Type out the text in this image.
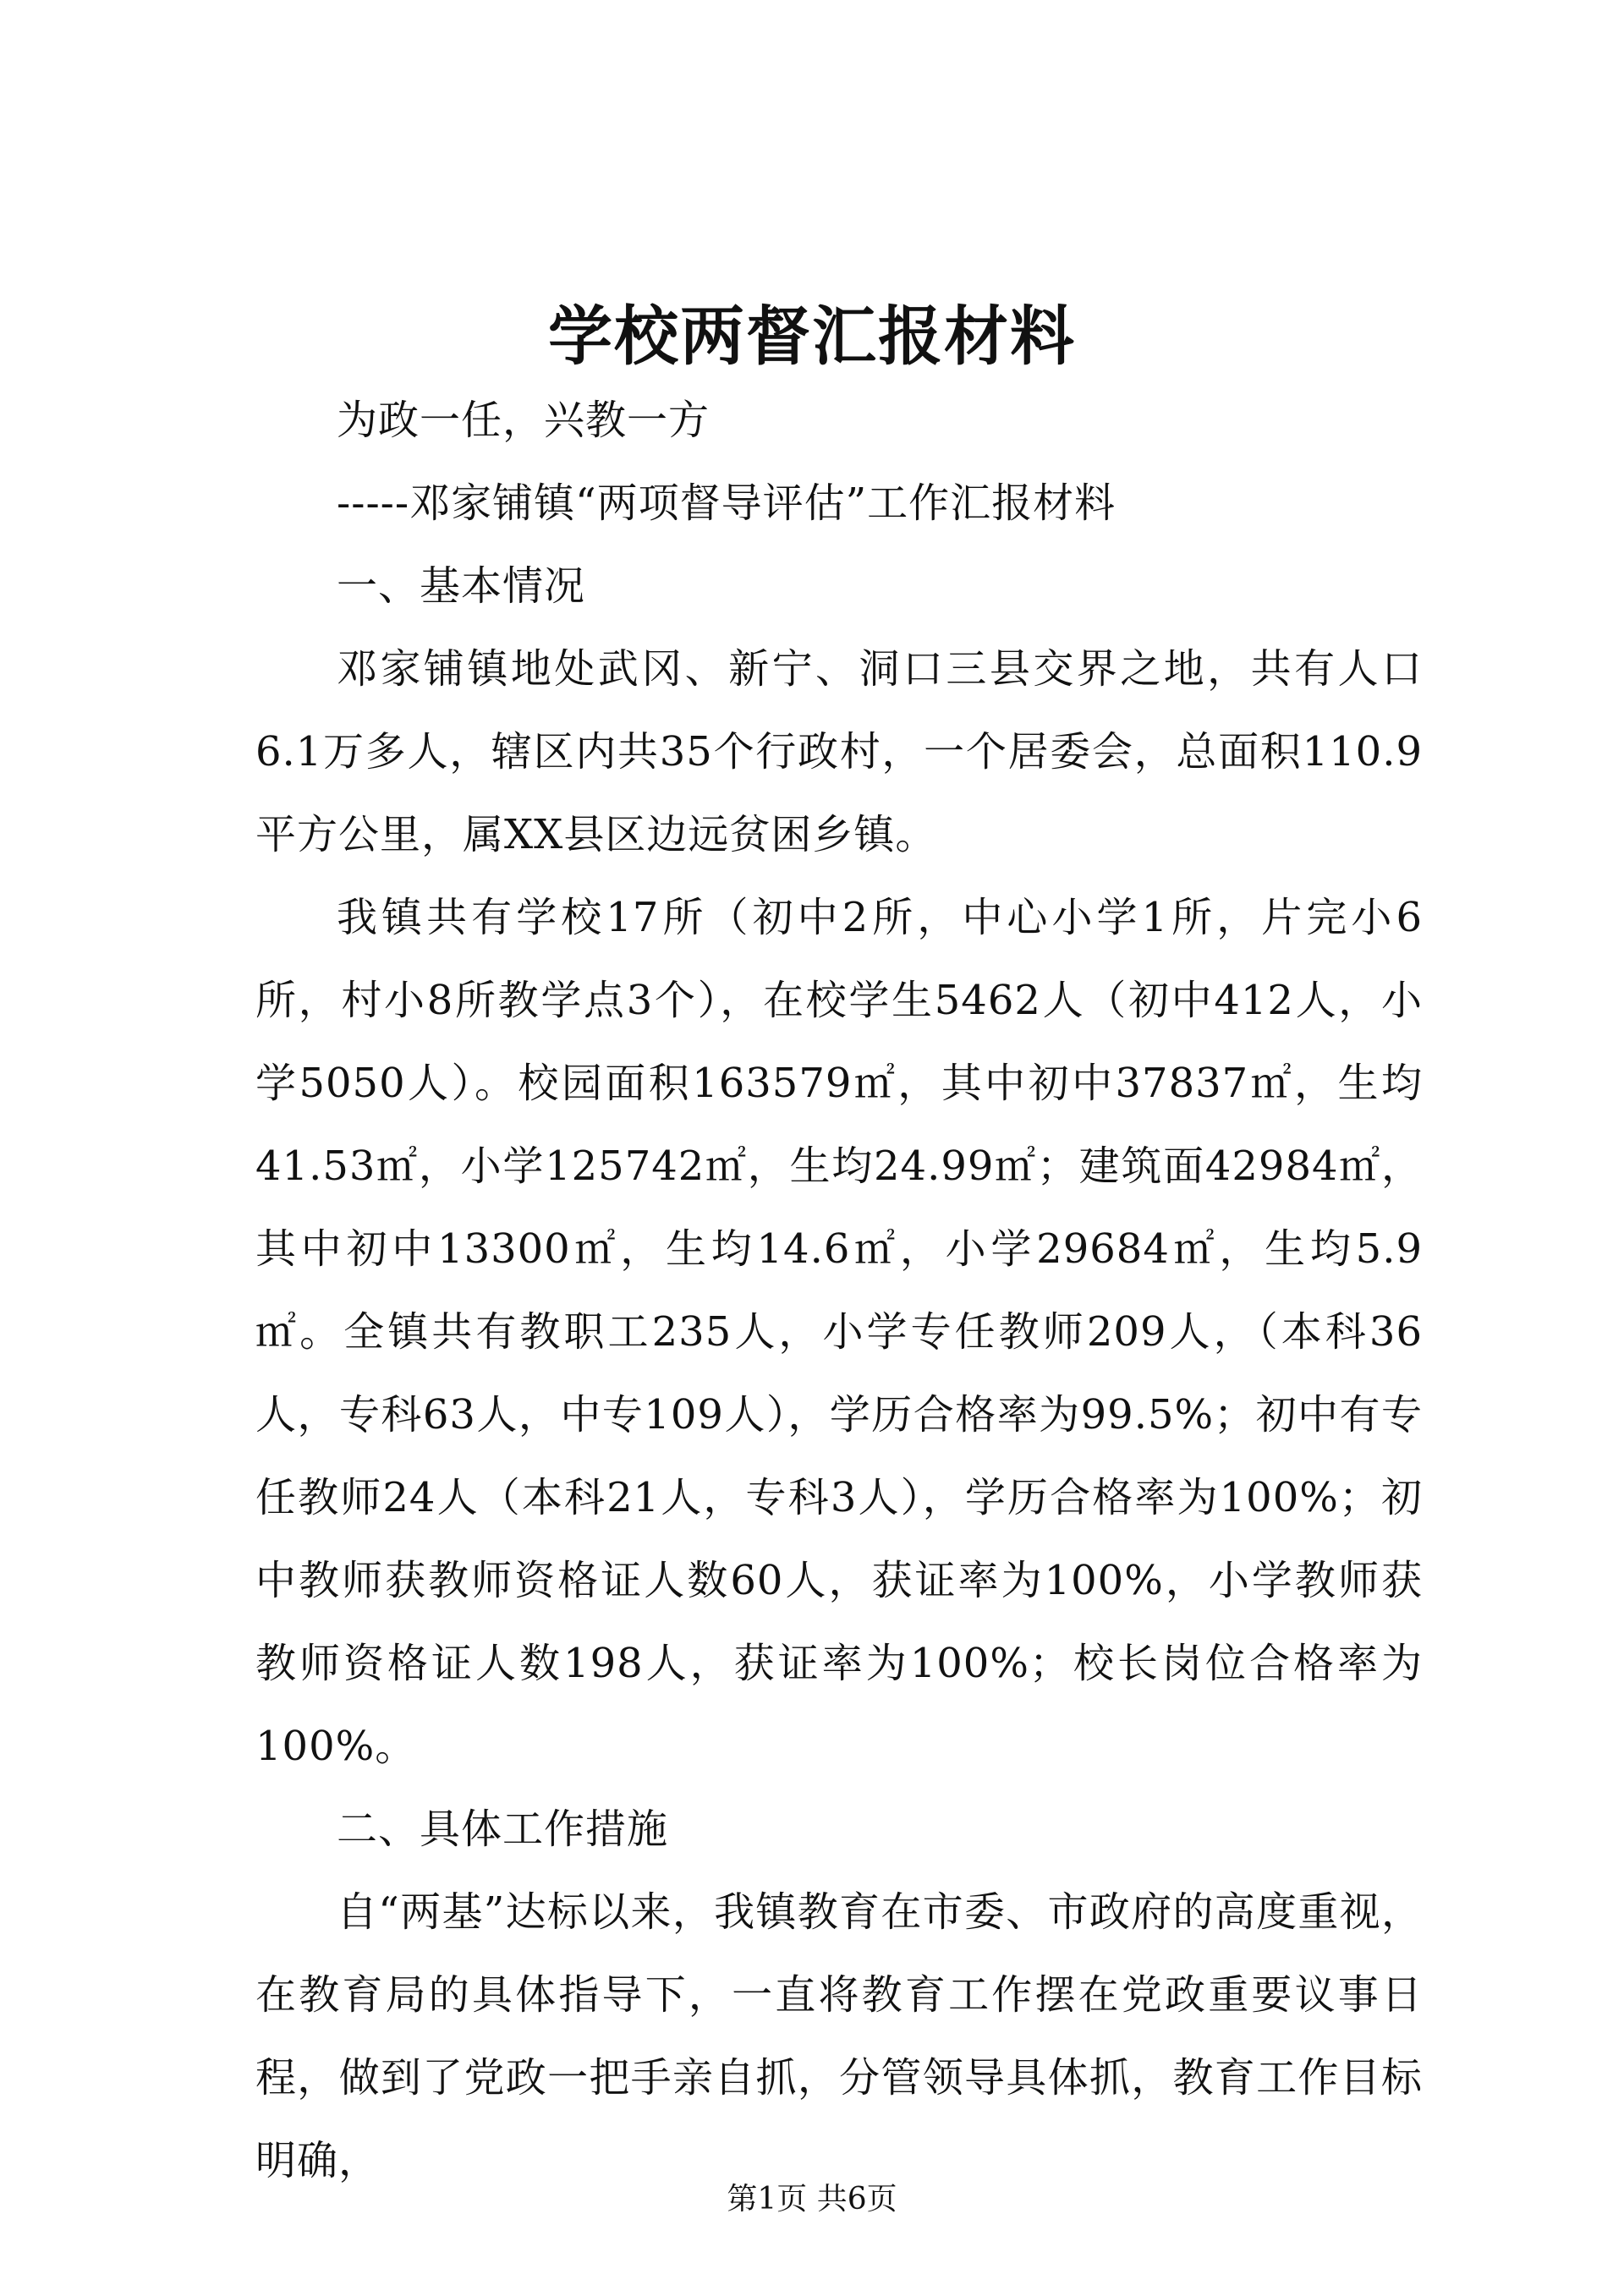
学校两督汇报材料

为政一任，兴教一方

-----邓家铺镇“两项督导评估”工作汇报材料

一、基本情况

邓家铺镇地处武冈、新宁、洞口三县交界之地，共有人口6.1万多人，辖区内共35个行政村，一个居委会，总面积110.9平方公里，属XX县区边远贫困乡镇。

我镇共有学校17所（初中2所，中心小学1所，片完小6所，村小8所教学点3个），在校学生5462人（初中412人，小学5050人）。校园面积163579㎡，其中初中37837㎡，生均41.53㎡，小学125742㎡，生均24.99㎡；建筑面42984㎡，其中初中13300㎡，生均14.6㎡，小学29684㎡，生均5.9㎡。全镇共有教职工235人，小学专任教师209人，（本科36人，专科63人，中专109人），学历合格率为99.5%；初中有专任教师24人（本科21人，专科3人），学历合格率为100%；初中教师获教师资格证人数60人，获证率为100%，小学教师获教师资格证人数198人，获证率为100%；校长岗位合格率为100%。

二、具体工作措施

自“两基”达标以来，我镇教育在市委、市政府的高度重视，在教育局的具体指导下，一直将教育工作摆在党政重要议事日程，做到了党政一把手亲自抓，分管领导具体抓，教育工作目标明确，

第1页 共6页
